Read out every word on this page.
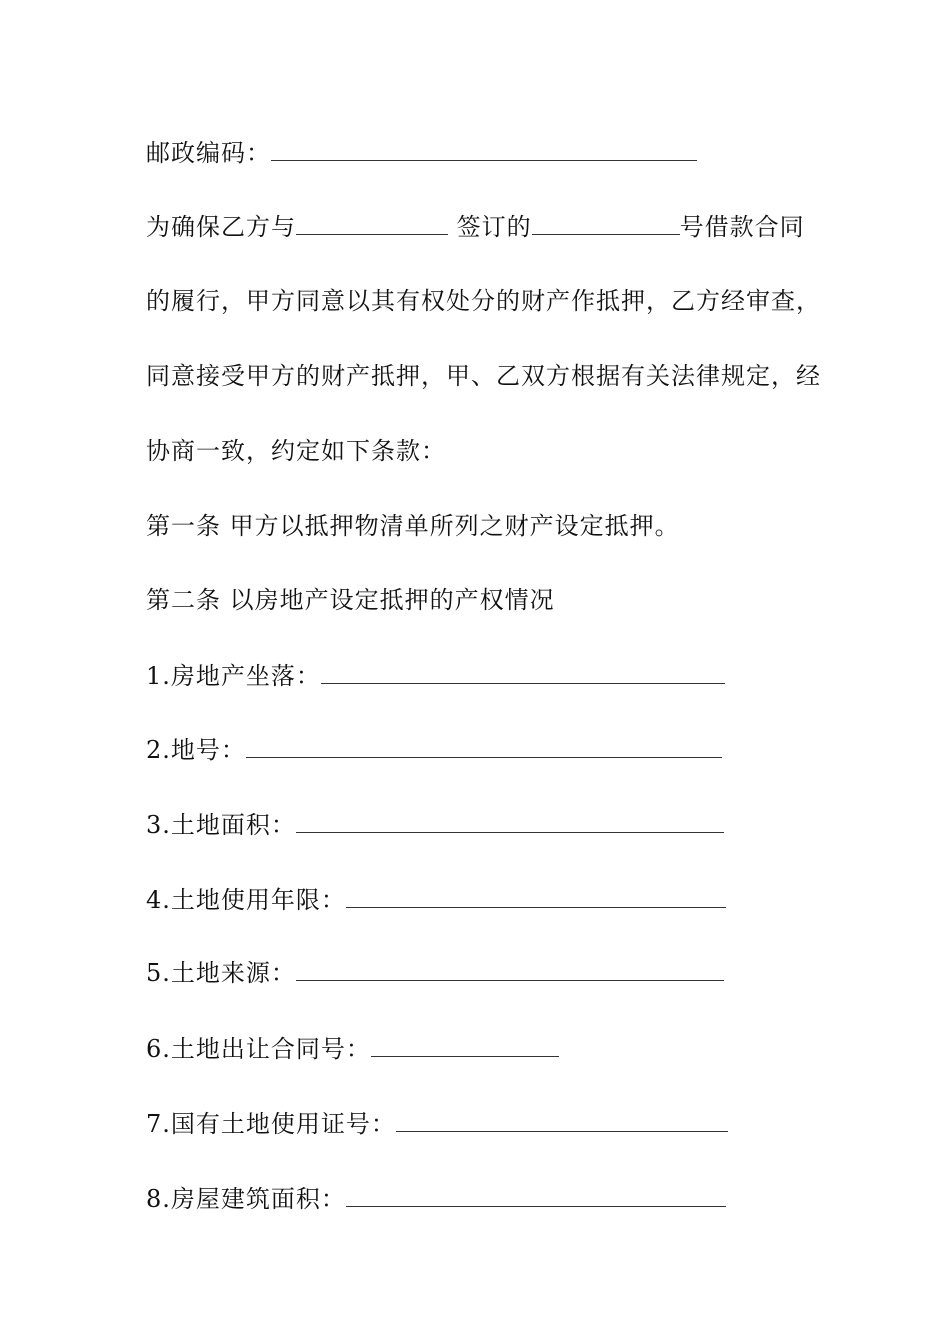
邮政编码：
为确保乙方与	签订的	号借款合同
的履行，甲方同意以其有权处分的财产作抵押，乙方经审查，
同意接受甲方的财产抵押，甲、乙双方根据有关法律规定，经
协商一致，约定如下条款：
第一条 甲方以抵押物清单所列之财产设定抵押。
第二条 以房地产设定抵押的产权情况
1.房地产坐落：
2.地号：
3.土地面积：
4.土地使用年限：
5.土地来源：
6.土地出让合同号：
7.国有土地使用证号：
8.房屋建筑面积：
